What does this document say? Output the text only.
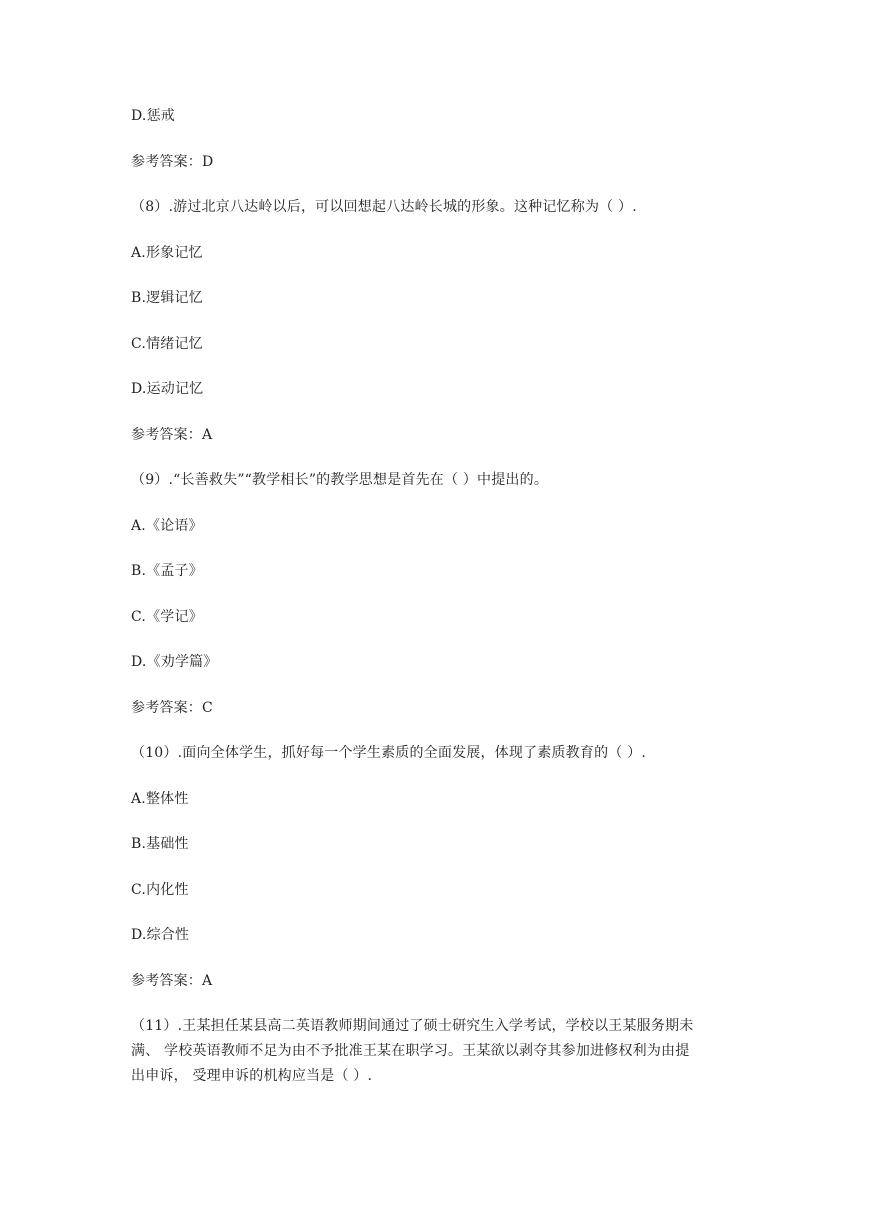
D.惩戒
参考答案：D
（8）.游过北京八达岭以后，可以回想起八达岭长城的形象。这种记忆称为（ ）.
A.形象记忆
B.逻辑记忆
C.情绪记忆
D.运动记忆
参考答案：A
（9）.“长善救失”“教学相长”的教学思想是首先在（ ）中提出的。
A.《论语》
B.《孟子》
C.《学记》
D.《劝学篇》
参考答案：C
（10）.面向全体学生，抓好每一个学生素质的全面发展，体现了素质教育的（ ）.
A.整体性
B.基础性
C.内化性
D.综合性
参考答案：A
（11）.王某担任某县高二英语教师期间通过了硕士研究生入学考试，学校以王某服务期未
满、 学校英语教师不足为由不予批准王某在职学习。王某欲以剥夺其参加进修权利为由提
出申诉， 受理申诉的机构应当是（ ）.
